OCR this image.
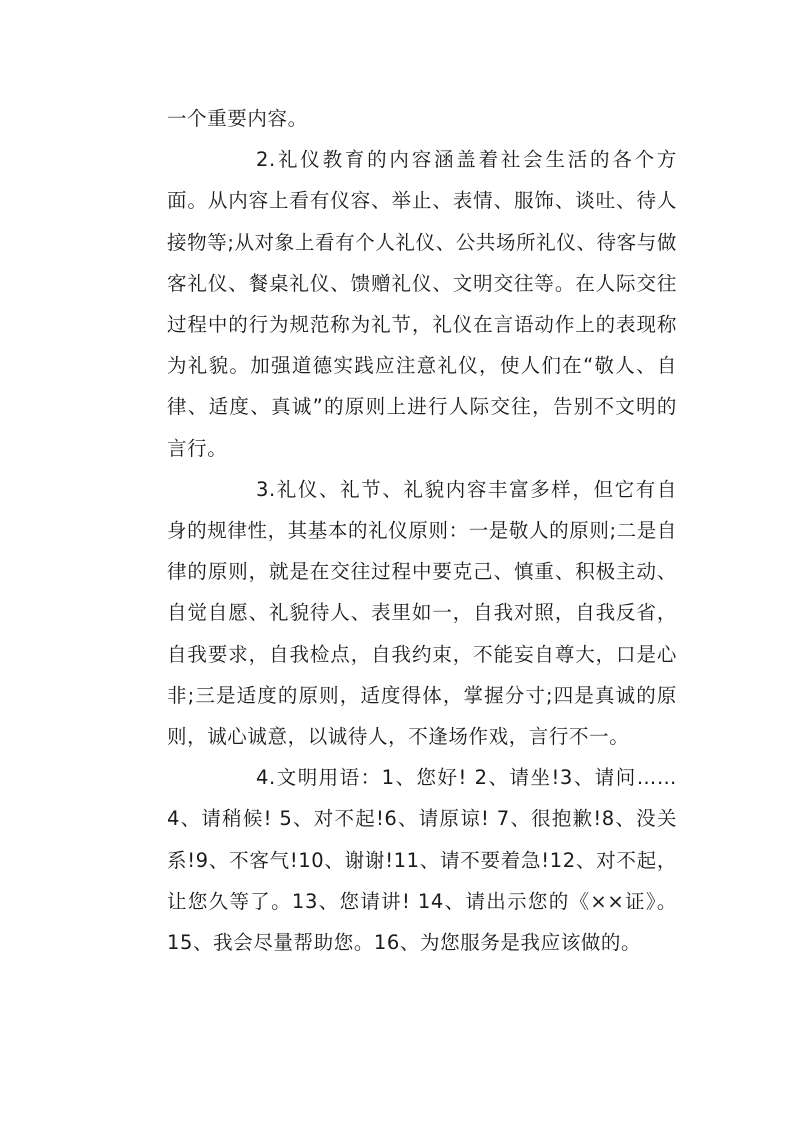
一个重要内容。

2.礼仪教育的内容涵盖着社会生活的各个方面。从内容上看有仪容、举止、表情、服饰、谈吐、待人接物等;从对象上看有个人礼仪、公共场所礼仪、待客与做客礼仪、餐桌礼仪、馈赠礼仪、文明交往等。在人际交往过程中的行为规范称为礼节，礼仪在言语动作上的表现称为礼貌。加强道德实践应注意礼仪，使人们在“敬人、自律、适度、真诚”的原则上进行人际交往，告别不文明的言行。

3.礼仪、礼节、礼貌内容丰富多样，但它有自身的规律性，其基本的礼仪原则：一是敬人的原则;二是自律的原则，就是在交往过程中要克己、慎重、积极主动、自觉自愿、礼貌待人、表里如一，自我对照，自我反省，自我要求，自我检点，自我约束，不能妄自尊大，口是心非;三是适度的原则，适度得体，掌握分寸;四是真诚的原则，诚心诚意，以诚待人，不逢场作戏，言行不一。

4.文明用语：1、您好! 2、请坐!3、请问……4、请稍候! 5、对不起!6、请原谅! 7、很抱歉!8、没关系!9、不客气!10、谢谢!11、请不要着急!12、对不起，让您久等了。13、您请讲! 14、请出示您的《××证》。15、我会尽量帮助您。16、为您服务是我应该做的。
